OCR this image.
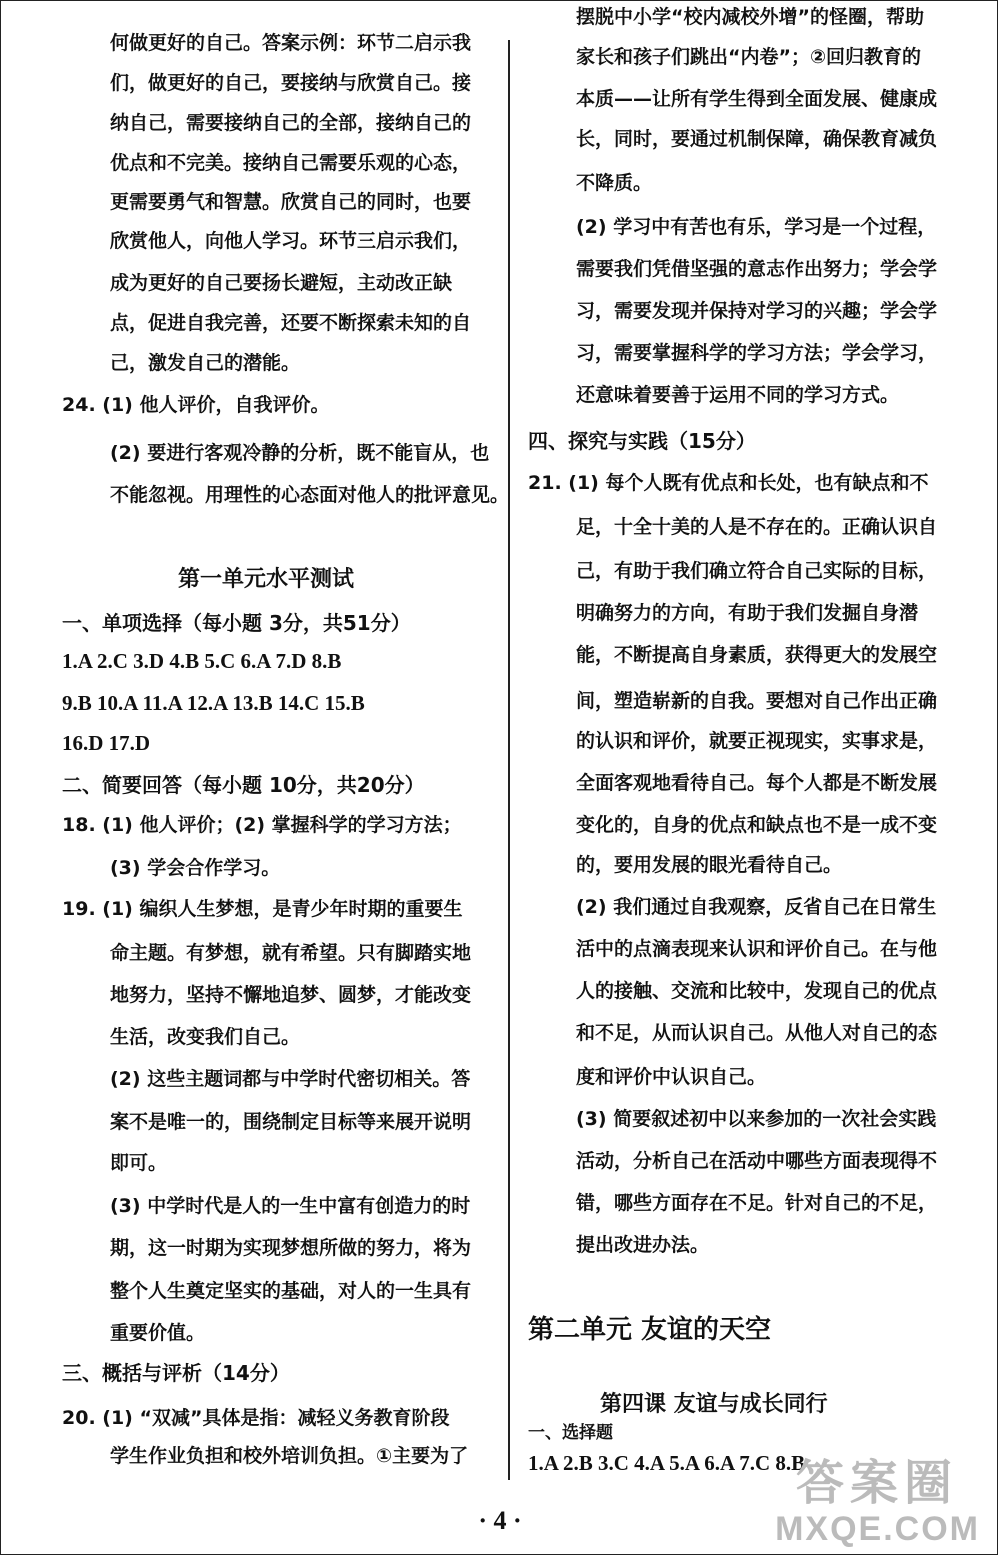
何做更好的自己。答案示例：环节二启示我
们，做更好的自己，要接纳与欣赏自己。接
纳自己，需要接纳自己的全部，接纳自己的
优点和不完美。接纳自己需要乐观的心态，
更需要勇气和智慧。欣赏自己的同时，也要
欣赏他人，向他人学习。环节三启示我们，
成为更好的自己要扬长避短，主动改正缺
点，促进自我完善，还要不断探索未知的自
己，激发自己的潜能。
24. (1) 他人评价，自我评价。
(2) 要进行客观冷静的分析，既不能盲从，也
不能忽视。用理性的心态面对他人的批评意见。
第一单元水平测试
一、单项选择（每小题 3分，共51分）
1.A 2.C 3.D 4.B 5.C 6.A 7.D 8.B
9.B 10.A 11.A 12.A 13.B 14.C 15.B
16.D 17.D
二、简要回答（每小题 10分，共20分）
18. (1) 他人评价；(2) 掌握科学的学习方法；
(3) 学会合作学习。
19. (1) 编织人生梦想，是青少年时期的重要生
命主题。有梦想，就有希望。只有脚踏实地
地努力，坚持不懈地追梦、圆梦，才能改变
生活，改变我们自己。
(2) 这些主题词都与中学时代密切相关。答
案不是唯一的，围绕制定目标等来展开说明
即可。
(3) 中学时代是人的一生中富有创造力的时
期，这一时期为实现梦想所做的努力，将为
整个人生奠定坚实的基础，对人的一生具有
重要价值。
三、概括与评析（14分）
20. (1) “双减”具体是指：减轻义务教育阶段
学生作业负担和校外培训负担。①主要为了
摆脱中小学“校内减校外增”的怪圈，帮助
家长和孩子们跳出“内卷”；②回归教育的
本质——让所有学生得到全面发展、健康成
长，同时，要通过机制保障，确保教育减负
不降质。
(2) 学习中有苦也有乐，学习是一个过程，
需要我们凭借坚强的意志作出努力；学会学
习，需要发现并保持对学习的兴趣；学会学
习，需要掌握科学的学习方法；学会学习，
还意味着要善于运用不同的学习方式。
四、探究与实践（15分）
21. (1) 每个人既有优点和长处，也有缺点和不
足，十全十美的人是不存在的。正确认识自
己，有助于我们确立符合自己实际的目标，
明确努力的方向，有助于我们发掘自身潜
能，不断提高自身素质，获得更大的发展空
间，塑造崭新的自我。要想对自己作出正确
的认识和评价，就要正视现实，实事求是，
全面客观地看待自己。每个人都是不断发展
变化的，自身的优点和缺点也不是一成不变
的，要用发展的眼光看待自己。
(2) 我们通过自我观察，反省自己在日常生
活中的点滴表现来认识和评价自己。在与他
人的接触、交流和比较中，发现自己的优点
和不足，从而认识自己。从他人对自己的态
度和评价中认识自己。
(3) 简要叙述初中以来参加的一次社会实践
活动，分析自己在活动中哪些方面表现得不
错，哪些方面存在不足。针对自己的不足，
提出改进办法。
第二单元 友谊的天空
第四课 友谊与成长同行
一、选择题
1.A 2.B 3.C 4.A 5.A 6.A 7.C 8.B
· 4 ·
答案圈
MXQE.COM
